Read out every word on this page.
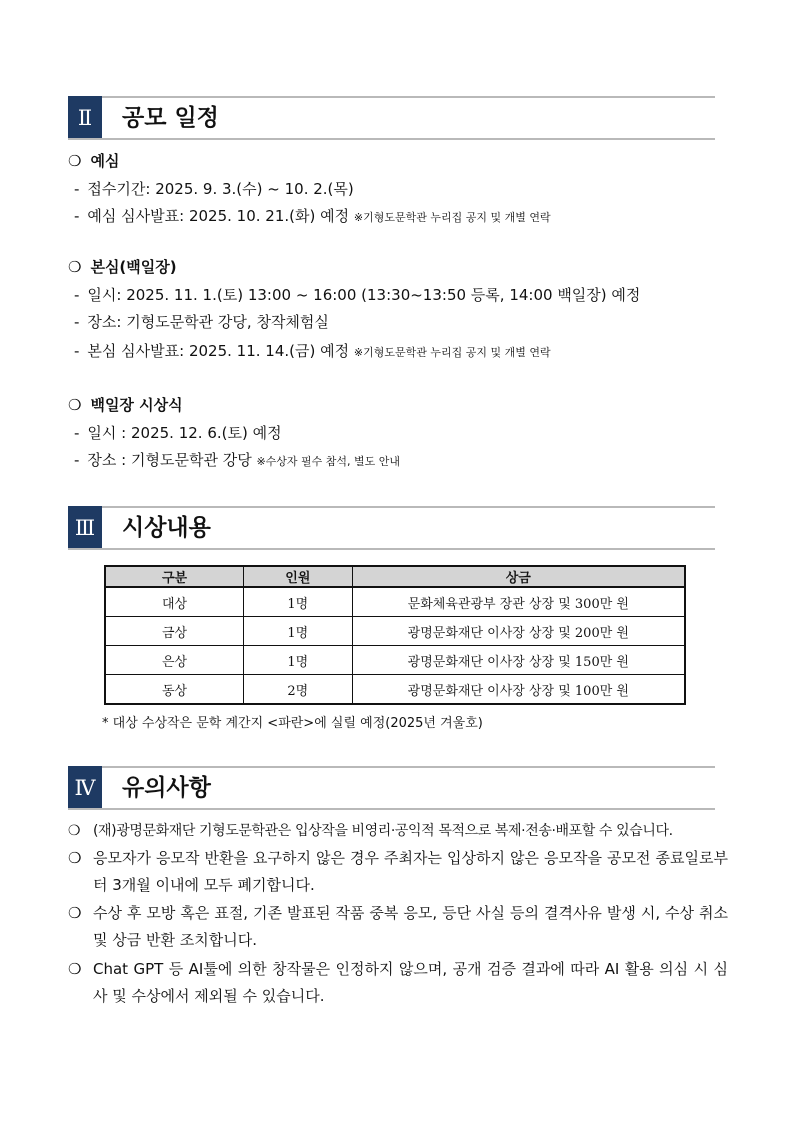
Ⅱ	공모 일정
❍ 예심
- 접수기간: 2025. 9. 3.(수) ~ 10. 2.(목)
- 예심 심사발표: 2025. 10. 21.(화) 예정 ※기형도문학관 누리집 공지 및 개별 연락
❍ 본심(백일장)
- 일시: 2025. 11. 1.(토) 13:00 ~ 16:00 (13:30~13:50 등록, 14:00 백일장) 예정
- 장소: 기형도문학관 강당, 창작체험실
- 본심 심사발표: 2025. 11. 14.(금) 예정 ※기형도문학관 누리집 공지 및 개별 연락
❍ 백일장 시상식
- 일시 : 2025. 12. 6.(토) 예정
- 장소 : 기형도문학관 강당 ※수상자 필수 참석, 별도 안내
Ⅲ 시상내용
구분	인원	상금
대상	1명	문화체육관광부 장관 상장 및 300만 원
금상	1명	광명문화재단 이사장 상장 및 200만 원
은상	1명	광명문화재단 이사장 상장 및 150만 원
동상	2명	광명문화재단 이사장 상장 및 100만 원
* 대상 수상작은 문학 계간지 <파란>에 실릴 예정(2025년 겨울호)
Ⅳ 유의사항
❍ (재)광명문화재단 기형도문학관은 입상작을 비영리·공익적 목적으로 복제·전송·배포할 수 있습니다.
❍ 응모자가 응모작 반환을 요구하지 않은 경우 주최자는 입상하지 않은 응모작을 공모전 종료일로부터 3개월 이내에 모두 폐기합니다.
❍ 수상 후 모방 혹은 표절, 기존 발표된 작품 중복 응모, 등단 사실 등의 결격사유 발생 시, 수상 취소 및 상금 반환 조치합니다.
❍ Chat GPT 등 AI툴에 의한 창작물은 인정하지 않으며, 공개 검증 결과에 따라 AI 활용 의심 시 심사 및 수상에서 제외될 수 있습니다.
